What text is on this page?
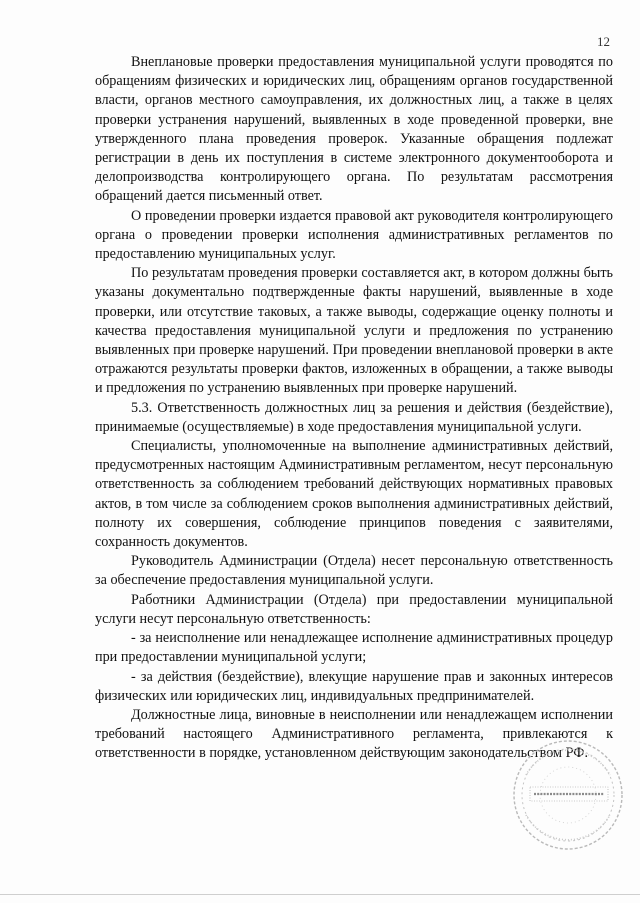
12

Внеплановые проверки предоставления муниципальной услуги проводятся по обращениям физических и юридических лиц, обращениям органов государственной власти, органов местного самоуправления, их должностных лиц, а также в целях проверки устранения нарушений, выявленных в ходе проведенной проверки, вне утвержденного плана проведения проверок. Указанные обращения подлежат регистрации в день их поступления в системе электронного документооборота и делопроизводства контролирующего органа. По результатам рассмотрения обращений дается письменный ответ.

О проведении проверки издается правовой акт руководителя контролирующего органа о проведении проверки исполнения административных регламентов по предоставлению муниципальных услуг.

По результатам проведения проверки составляется акт, в котором должны быть указаны документально подтвержденные факты нарушений, выявленные в ходе проверки, или отсутствие таковых, а также выводы, содержащие оценку полноты и качества предоставления муниципальной услуги и предложения по устранению выявленных при проверке нарушений. При проведении внеплановой проверки в акте отражаются результаты проверки фактов, изложенных в обращении, а также выводы и предложения по устранению выявленных при проверке нарушений.

5.3. Ответственность должностных лиц за решения и действия (бездействие), принимаемые (осуществляемые) в ходе предоставления муниципальной услуги.

Специалисты, уполномоченные на выполнение административных действий, предусмотренных настоящим Административным регламентом, несут персональную ответственность за соблюдением требований действующих нормативных правовых актов, в том числе за соблюдением сроков выполнения административных действий, полноту их совершения, соблюдение принципов поведения с заявителями, сохранность документов.

Руководитель Администрации (Отдела) несет персональную ответственность за обеспечение предоставления муниципальной услуги.

Работники Администрации (Отдела) при предоставлении муниципальной услуги несут персональную ответственность:

- за неисполнение или ненадлежащее исполнение административных процедур при предоставлении муниципальной услуги;

- за действия (бездействие), влекущие нарушение прав и законных интересов физических или юридических лиц, индивидуальных предпринимателей.

Должностные лица, виновные в неисполнении или ненадлежащем исполнении требований настоящего Административного регламента, привлекаются к ответственности в порядке, установленном действующим законодательством РФ.
